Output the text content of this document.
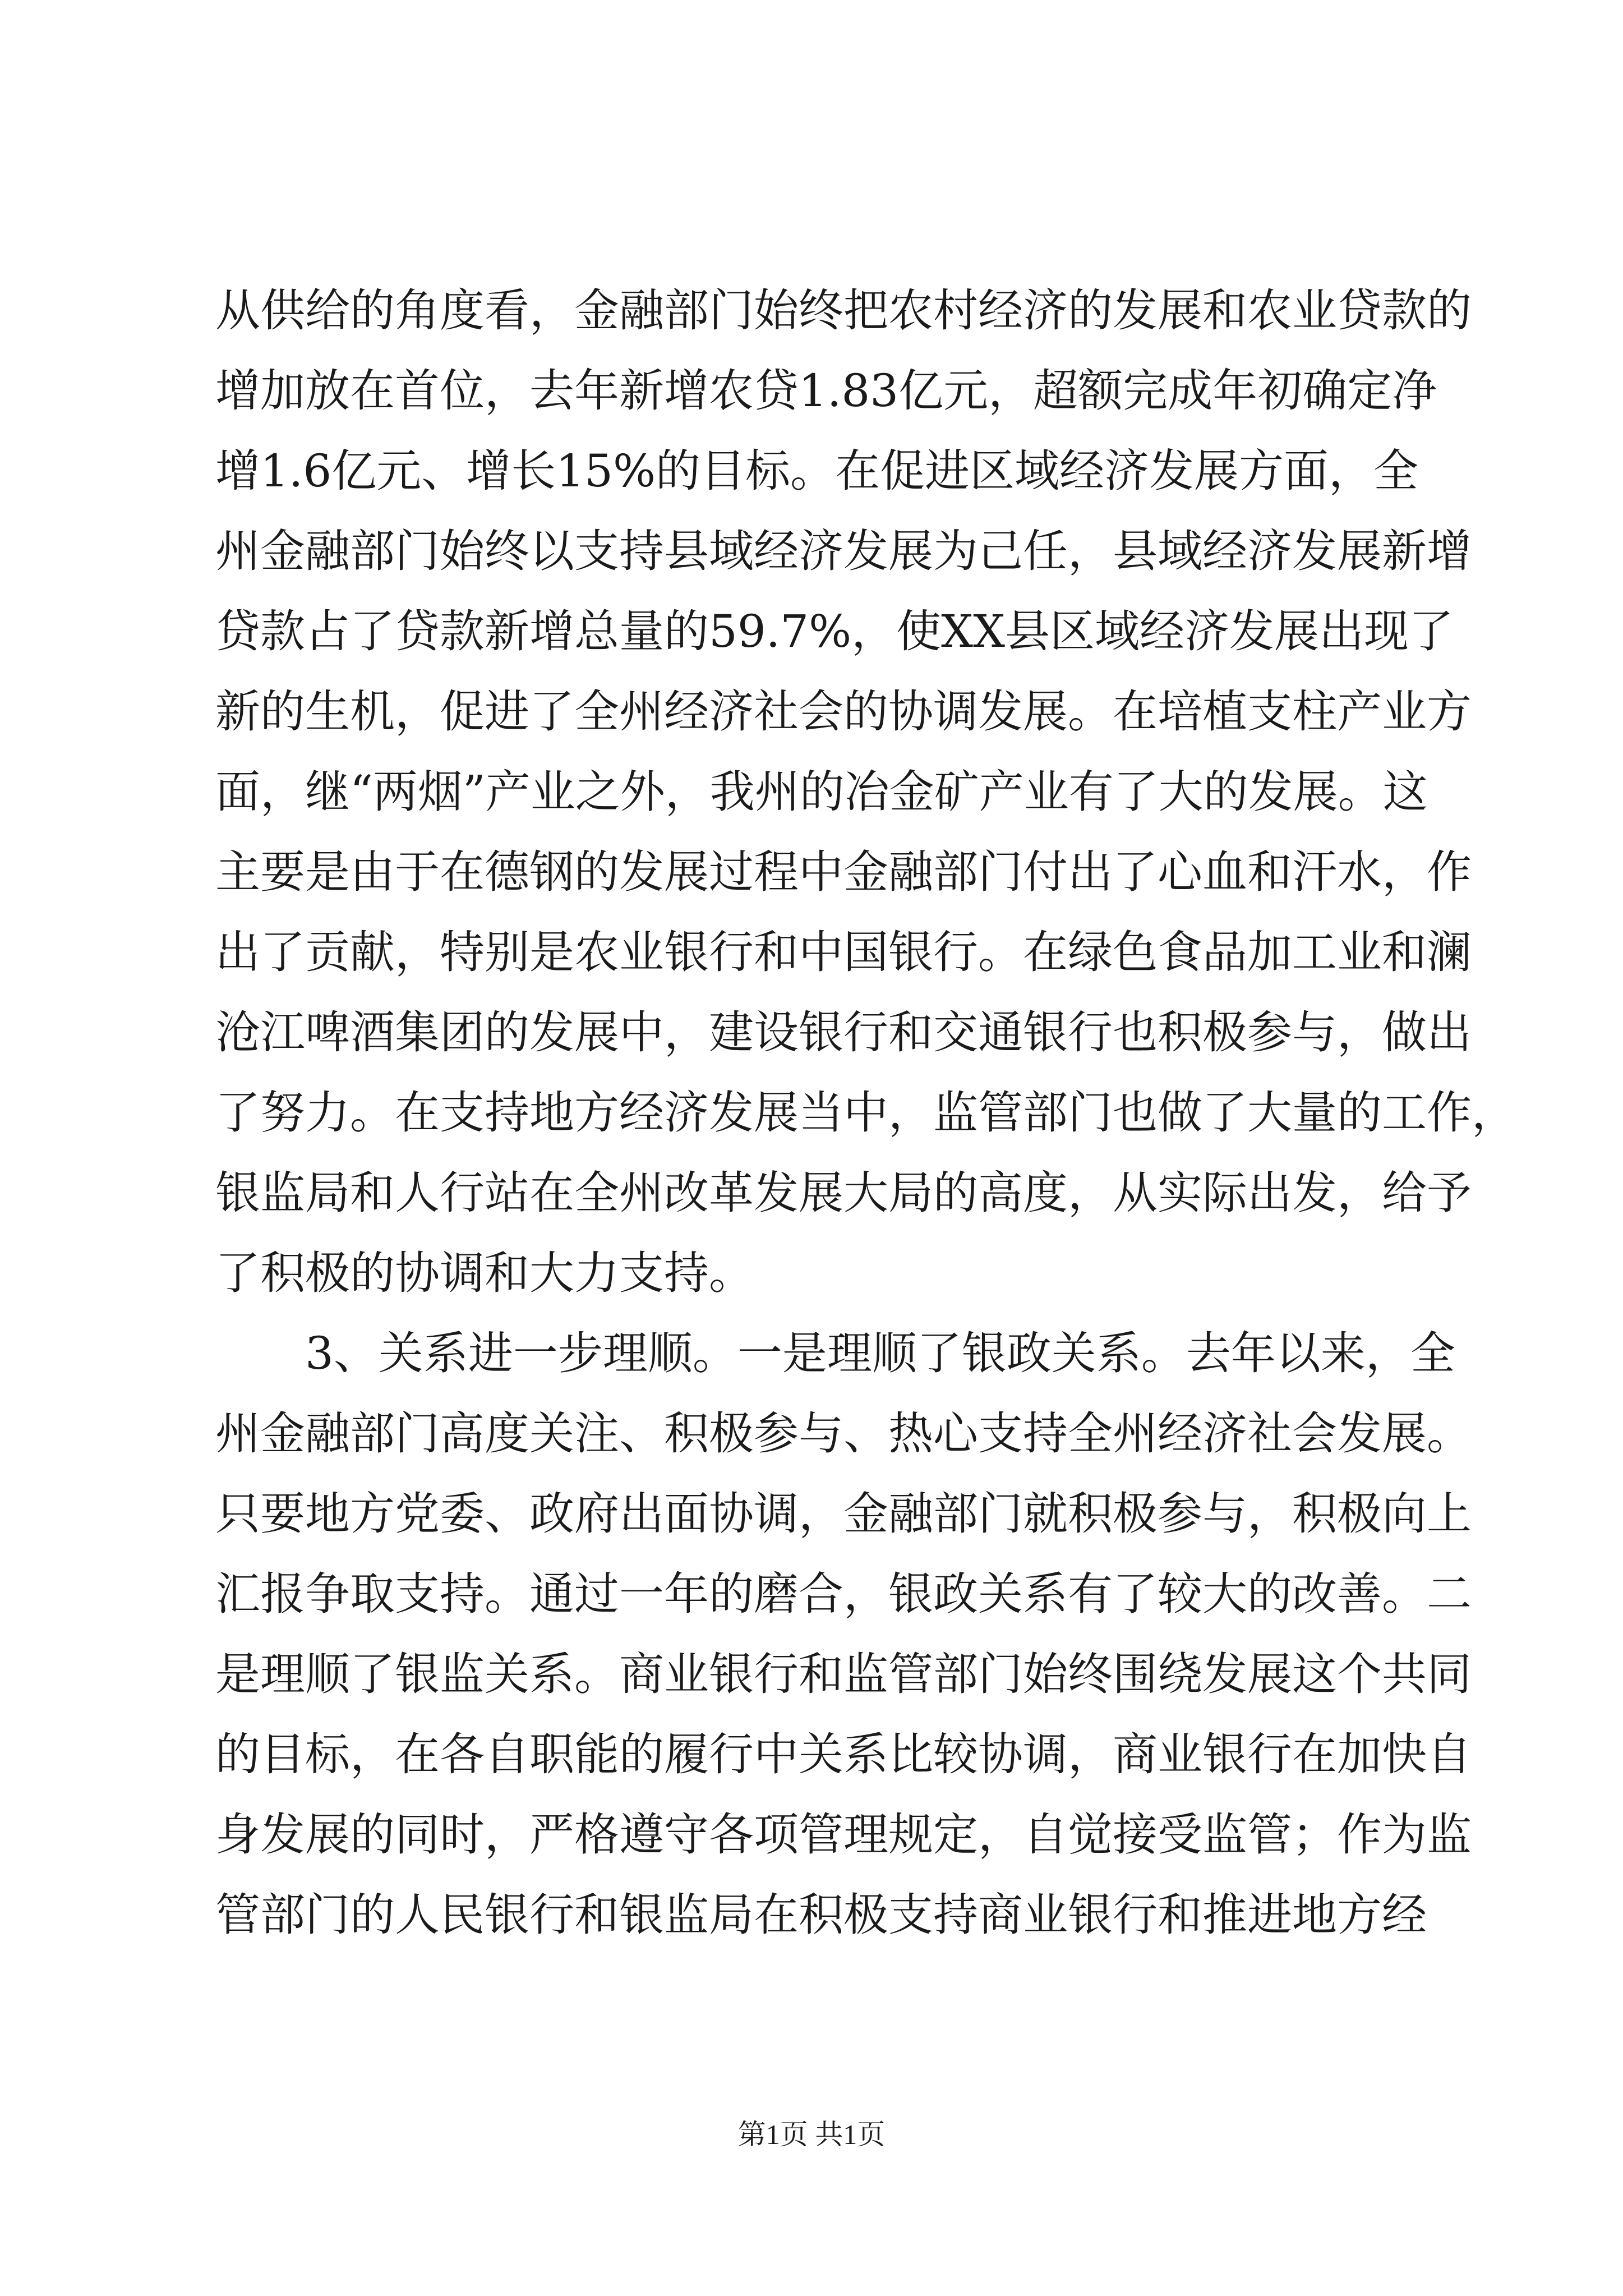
从供给的角度看，金融部门始终把农村经济的发展和农业贷款的
增加放在首位，去年新增农贷1.83亿元，超额完成年初确定净
增1.6亿元、增长15%的目标。在促进区域经济发展方面，全
州金融部门始终以支持县域经济发展为己任，县域经济发展新增
贷款占了贷款新增总量的59.7%，使XX县区域经济发展出现了
新的生机，促进了全州经济社会的协调发展。在培植支柱产业方
面，继“两烟”产业之外，我州的冶金矿产业有了大的发展。这
主要是由于在德钢的发展过程中金融部门付出了心血和汗水，作
出了贡献，特别是农业银行和中国银行。在绿色食品加工业和澜
沧江啤酒集团的发展中，建设银行和交通银行也积极参与，做出
了努力。在支持地方经济发展当中，监管部门也做了大量的工作，
银监局和人行站在全州改革发展大局的高度，从实际出发，给予
了积极的协调和大力支持。
3、关系进一步理顺。一是理顺了银政关系。去年以来，全
州金融部门高度关注、积极参与、热心支持全州经济社会发展。
只要地方党委、政府出面协调，金融部门就积极参与，积极向上
汇报争取支持。通过一年的磨合，银政关系有了较大的改善。二
是理顺了银监关系。商业银行和监管部门始终围绕发展这个共同
的目标，在各自职能的履行中关系比较协调，商业银行在加快自
身发展的同时，严格遵守各项管理规定，自觉接受监管；作为监
管部门的人民银行和银监局在积极支持商业银行和推进地方经
第1页 共1页
